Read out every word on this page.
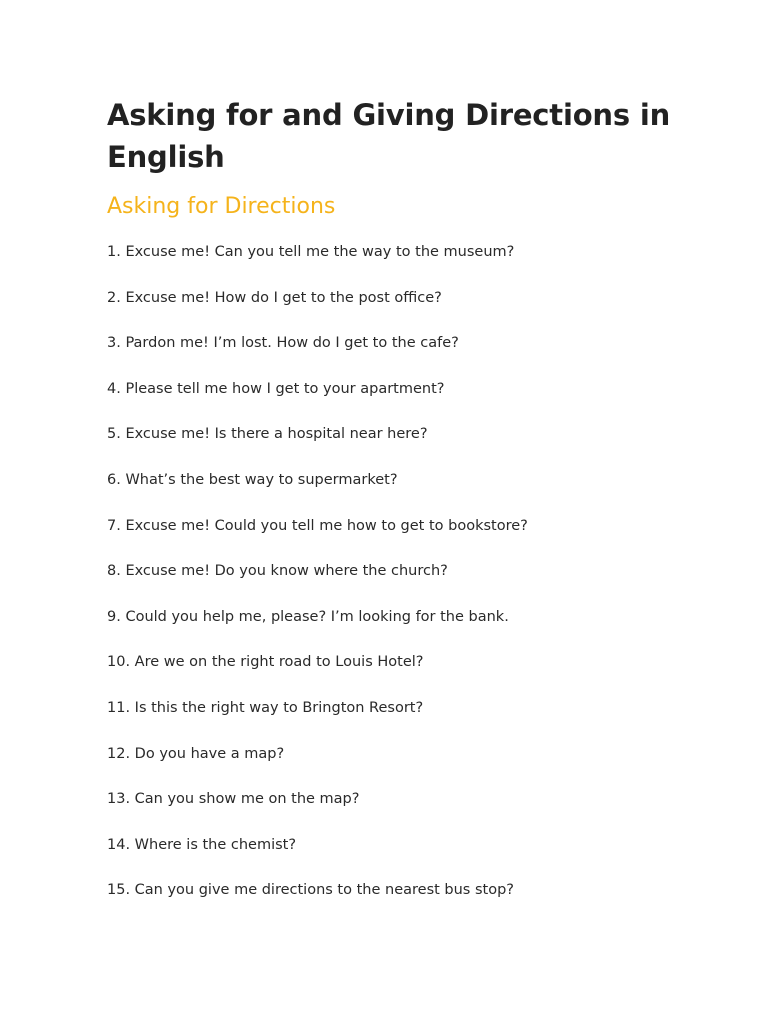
Asking for and Giving Directions in English
Asking for Directions
1. Excuse me! Can you tell me the way to the museum?
2. Excuse me! How do I get to the post office?
3. Pardon me! I’m lost. How do I get to the cafe?
4. Please tell me how I get to your apartment?
5. Excuse me! Is there a hospital near here?
6. What’s the best way to supermarket?
7. Excuse me! Could you tell me how to get to bookstore?
8. Excuse me! Do you know where the church?
9. Could you help me, please? I’m looking for the bank.
10. Are we on the right road to Louis Hotel?
11. Is this the right way to Brington Resort?
12. Do you have a map?
13. Can you show me on the map?
14. Where is the chemist?
15. Can you give me directions to the nearest bus stop?
